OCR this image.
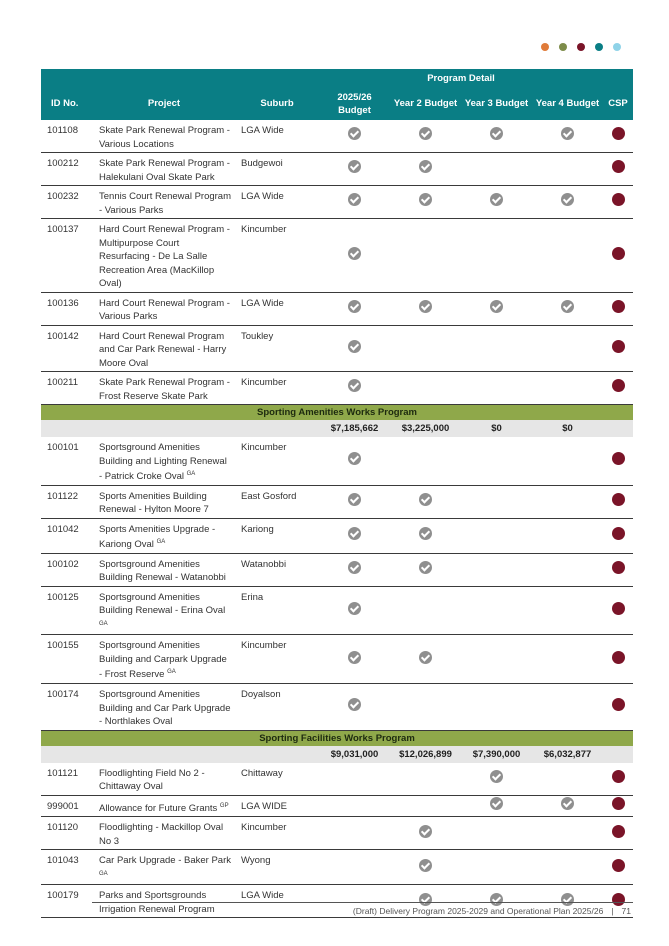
			Program Detail				
ID No.	Project	Suburb	2025/26 Budget	Year 2 Budget	Year 3 Budget	Year 4 Budget	CSP
101108	Skate Park Renewal Program - Various Locations	LGA Wide					
100212	Skate Park Renewal Program - Halekulani Oval Skate Park	Budgewoi					
100232	Tennis Court Renewal Program - Various Parks	LGA Wide					
100137	Hard Court Renewal Program - Multipurpose Court Resurfacing - De La Salle Recreation Area (MacKillop Oval)	Kincumber					
100136	Hard Court Renewal Program - Various Parks	LGA Wide					
100142	Hard Court Renewal Program and Car Park Renewal - Harry Moore Oval	Toukley					
100211	Skate Park Renewal Program - Frost Reserve Skate Park	Kincumber					
Sporting Amenities Works Program							
			$7,185,662	$3,225,000	$0	$0	
100101	Sportsground Amenities Building and Lighting Renewal - Patrick Croke Oval $^{GA}$	Kincumber					
101122	Sports Amenities Building Renewal - Hylton Moore 7	East Gosford					
101042	Sports Amenities Upgrade - Kariong Oval $^{GA}$	Kariong					
100102	Sportsground Amenities Building Renewal - Watanobbi	Watanobbi					
100125	Sportsground Amenities Building Renewal - Erina Oval $^{GA}$	Erina					
100155	Sportsground Amenities Building and Carpark Upgrade - Frost Reserve $^{GA}$	Kincumber					
100174	Sportsground Amenities Building and Car Park Upgrade - Northlakes Oval	Doyalson					
Sporting Facilities Works Program							
			$9,031,000	$12,026,899	$7,390,000	$6,032,877	
101121	Floodlighting Field No 2 - Chittaway Oval	Chittaway					
999001	Allowance for Future Grants $^{GP}$	LGA WIDE					
101120	Floodlighting - Mackillop Oval No 3	Kincumber					
101043	Car Park Upgrade - Baker Park $^{GA}$	Wyong					
100179	Parks and Sportsgrounds Irrigation Renewal Program	LGA Wide					
(Draft) Delivery Program 2025-2029 and Operational Plan 2025/26 | 71
